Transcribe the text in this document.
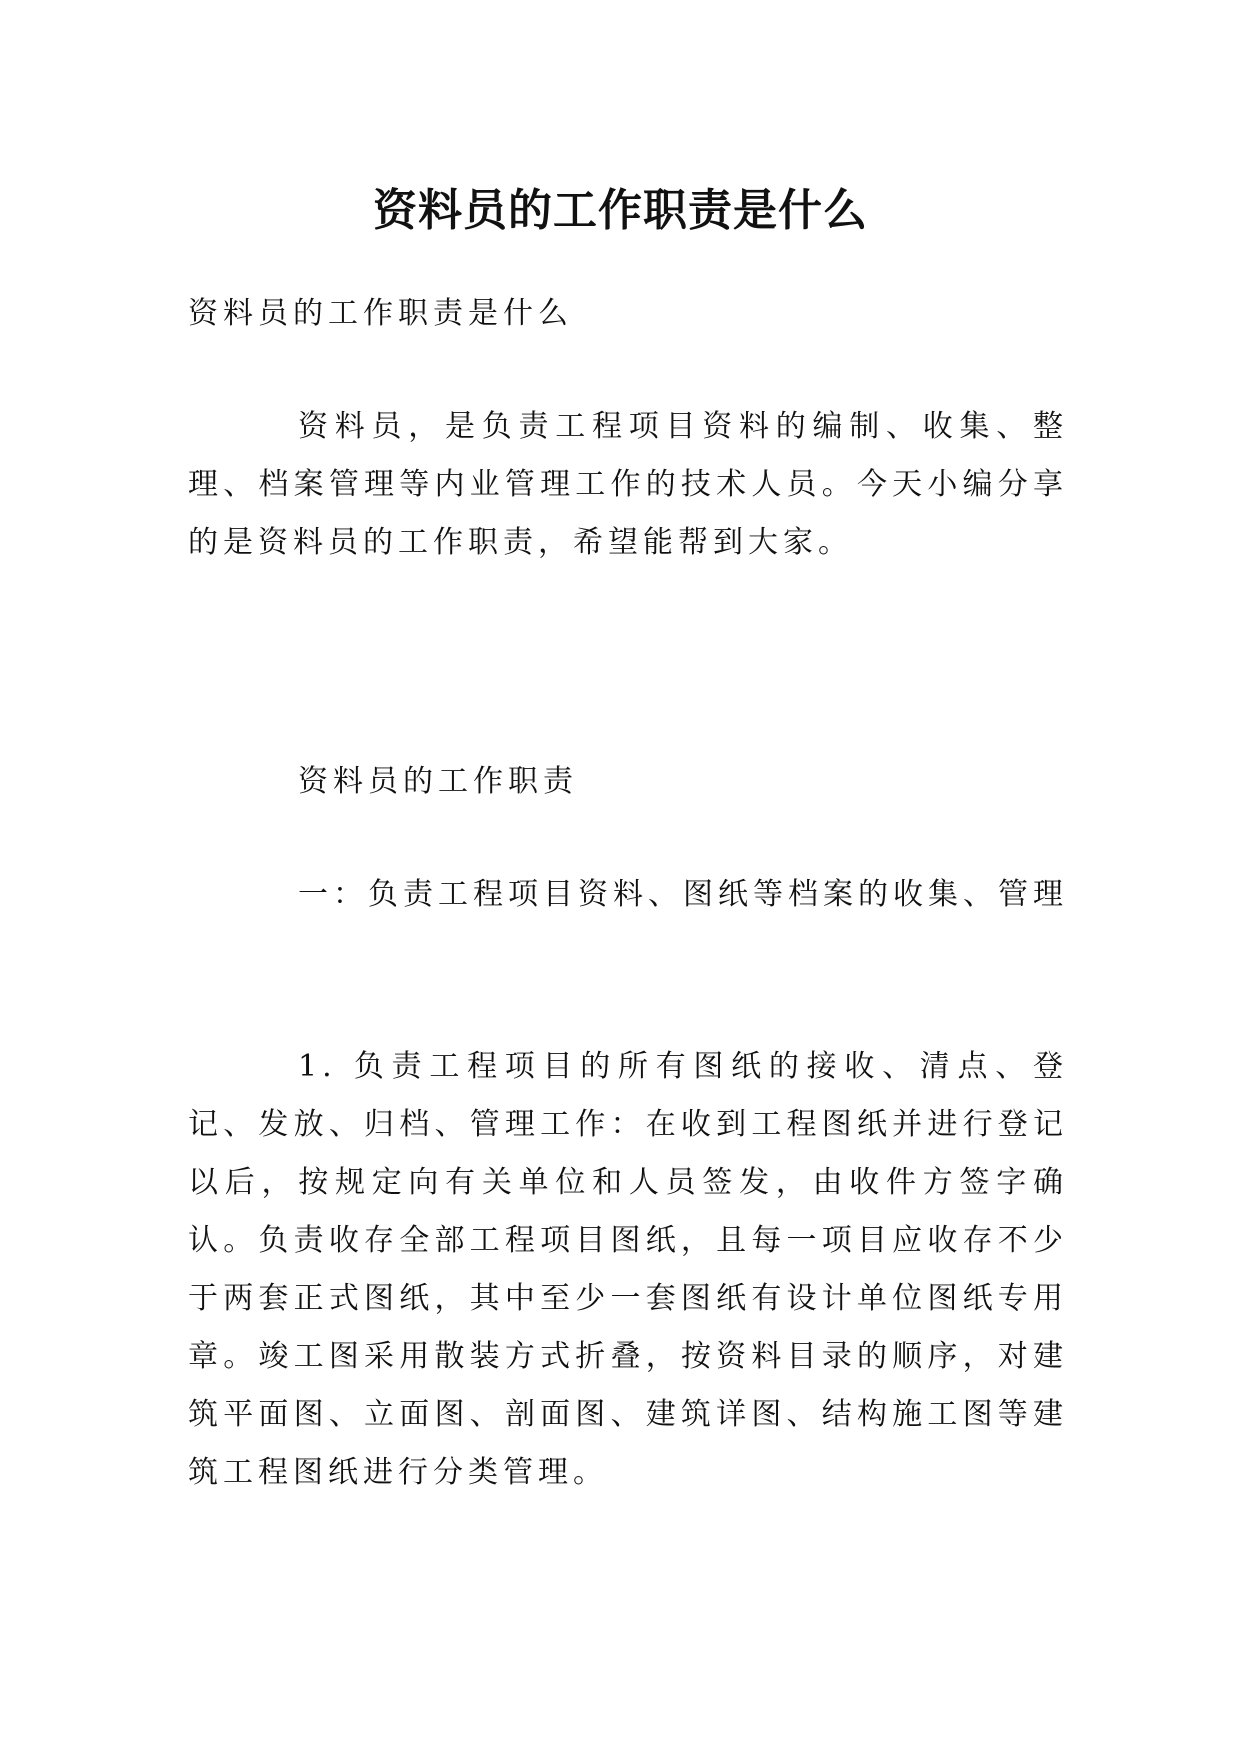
资料员的工作职责是什么

资料员的工作职责是什么

资料员，是负责工程项目资料的编制、收集、整理、档案管理等内业管理工作的技术人员。今天小编分享的是资料员的工作职责，希望能帮到大家。

资料员的工作职责

一：负责工程项目资料、图纸等档案的收集、管理

1. 负责工程项目的所有图纸的接收、清点、登记、发放、归档、管理工作：在收到工程图纸并进行登记以后，按规定向有关单位和人员签发，由收件方签字确认。负责收存全部工程项目图纸，且每一项目应收存不少于两套正式图纸，其中至少一套图纸有设计单位图纸专用章。竣工图采用散装方式折叠，按资料目录的顺序，对建筑平面图、立面图、剖面图、建筑详图、结构施工图等建筑工程图纸进行分类管理。
